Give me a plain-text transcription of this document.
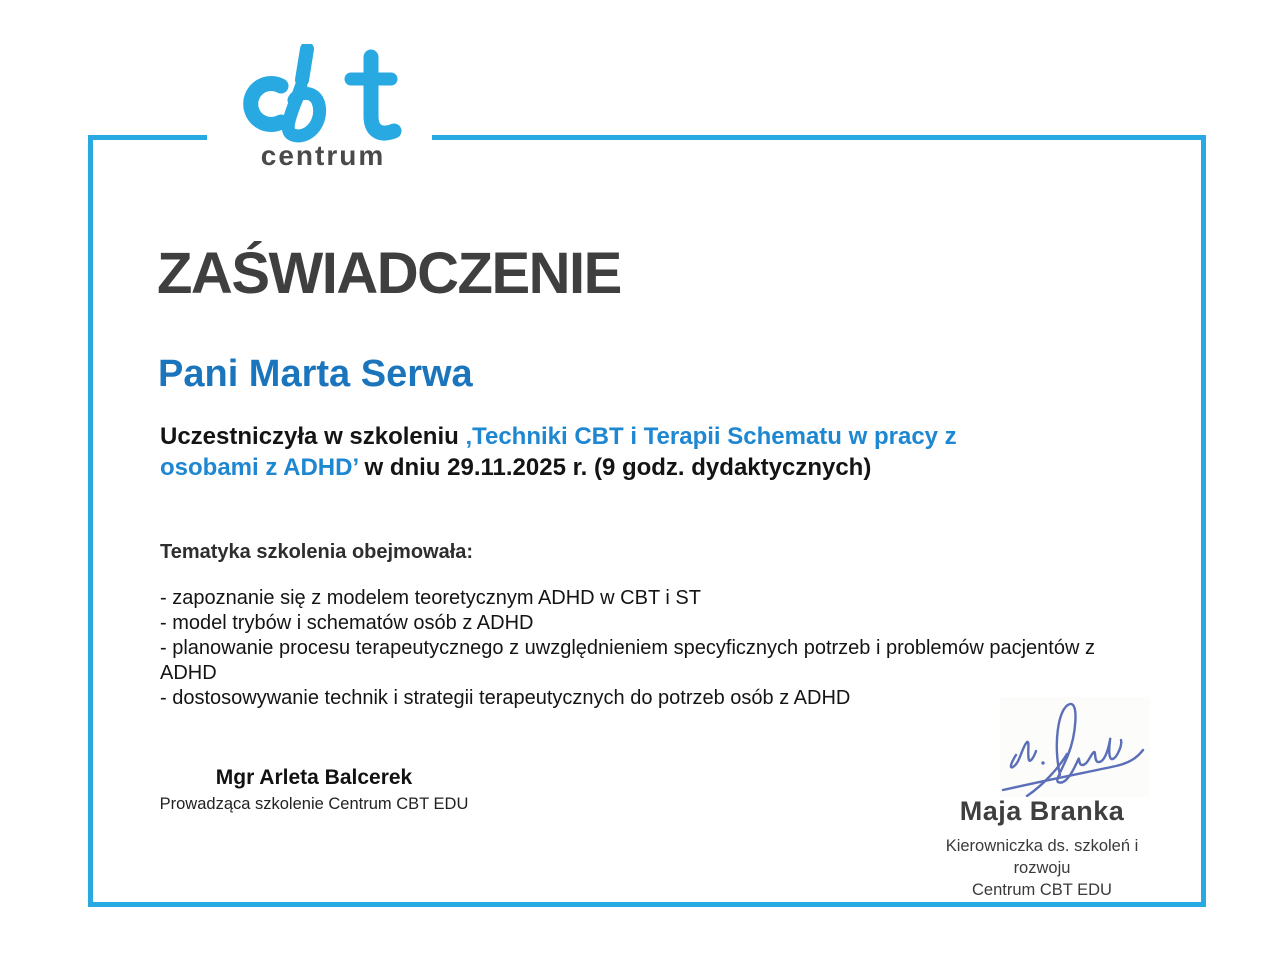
centrum
ZAŚWIADCZENIE
Pani Marta Serwa

Uczestniczyła w szkoleniu ‚Techniki CBT i Terapii Schematu w pracy z
osobami z ADHD’ w dniu 29.11.2025 r. (9 godz. dydaktycznych)

Tematyka szkolenia obejmowała:

- zapoznanie się z modelem teoretycznym ADHD w CBT i ST
- model trybów i schematów osób z ADHD
- planowanie procesu terapeutycznego z uwzględnieniem specyficznych potrzeb i problemów pacjentów z ADHD
- dostosowywanie technik i strategii terapeutycznych do potrzeb osób z ADHD

Mgr Arleta Balcerek

Prowadząca szkolenie Centrum CBT EDU	Maja Branka

Kierowniczka ds. szkoleń i rozwoju
Centrum CBT EDU
